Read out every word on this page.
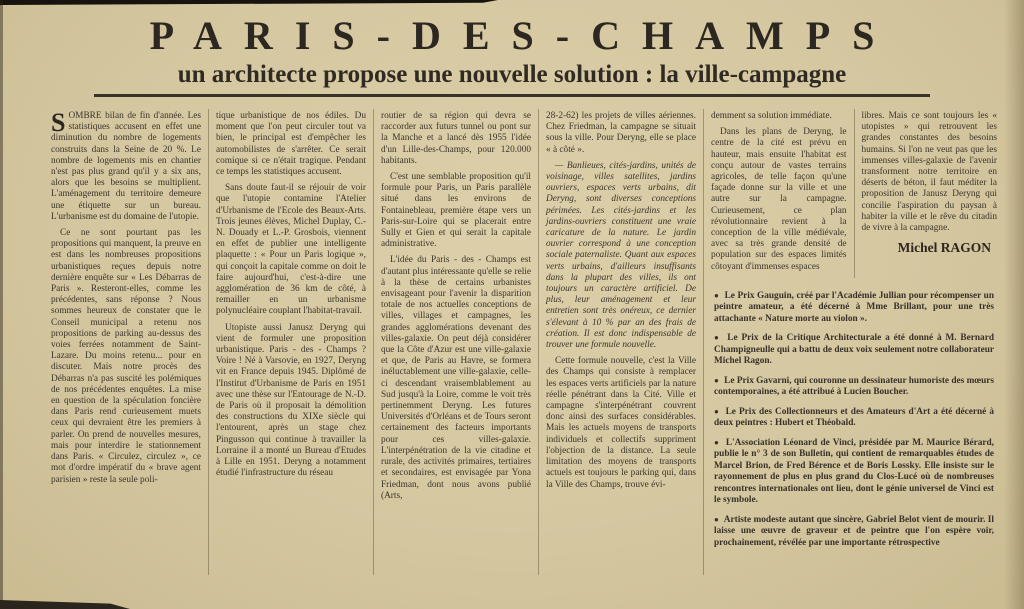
PARIS-DES-CHAMPS
un architecte propose une nouvelle solution : la ville-campagne

SOMBRE bilan de fin d'année. Les statistiques accusent en effet une diminution du nombre de logements construits dans la Seine de 20 %. Le nombre de logements mis en chantier n'est pas plus grand qu'il y a six ans, alors que les besoins se multiplient. L'aménagement du territoire demeure une étiquette sur un bureau. L'urbanisme est du domaine de l'utopie.

Ce ne sont pourtant pas les propositions qui manquent, la preuve en est dans les nombreuses propositions urbanistiques reçues depuis notre dernière enquête sur « Les Débarras de Paris ». Resteront-elles, comme les précédentes, sans réponse ? Nous sommes heureux de constater que le Conseil municipal a retenu nos propositions de parking au-dessus des voies ferrées notamment de Saint-Lazare. Du moins retenu... pour en discuter. Mais notre procès des Débarras n'a pas suscité les polémiques de nos précédentes enquêtes. La mise en question de la spéculation foncière dans Paris rend curieusement muets ceux qui devraient être les premiers à parler. On prend de nouvelles mesures, mais pour interdire le stationnement dans Paris. « Circulez, circulez », ce mot d'ordre impératif du « brave agent parisien » reste la seule poli-

tique urbanistique de nos édiles. Du moment que l'on peut circuler tout va bien, le principal est d'empêcher les automobilistes de s'arrêter. Ce serait comique si ce n'était tragique. Pendant ce temps les statistiques accusent.

Sans doute faut-il se réjouir de voir que l'utopie contamine l'Atelier d'Urbanisme de l'Ecole des Beaux-Arts. Trois jeunes élèves, Michel Duplay, C.-N. Douady et L.-P. Grosbois, viennent en effet de publier une intelligente plaquette : « Pour un Paris logique », qui conçoit la capitale comme on doit le faire aujourd'hui, c'est-à-dire une agglomération de 36 km de côté, à remailler en un urbanisme polynucléaire couplant l'habitat-travail.

Utopiste aussi Janusz Deryng qui vient de formuler une proposition urbanistique. Paris - des - Champs ? Voire ! Né à Varsovie, en 1927, Deryng vit en France depuis 1945. Diplômé de l'Institut d'Urbanisme de Paris en 1951 avec une thèse sur l'Entourage de N.-D. de Paris où il proposait la démolition des constructions du XIXe siècle qui l'entourent, après un stage chez Pingusson qui continue à travailler la Lorraine il a monté un Bureau d'Etudes à Lille en 1951. Deryng a notamment étudié l'infrastructure du réseau

routier de sa région qui devra se raccorder aux futurs tunnel ou pont sur la Manche et a lancé dès 1955 l'idée d'un Lille-des-Champs, pour 120.000 habitants.

C'est une semblable proposition qu'il formule pour Paris, un Paris parallèle situé dans les environs de Fontainebleau, première étape vers un Paris-sur-Loire qui se placerait entre Sully et Gien et qui serait la capitale administrative.

L'idée du Paris - des - Champs est d'autant plus intéressante qu'elle se relie à la thèse de certains urbanistes envisageant pour l'avenir la disparition totale de nos actuelles conceptions de villes, villages et campagnes, les grandes agglomérations devenant des villes-galaxie. On peut déjà considérer que la Côte d'Azur est une ville-galaxie et que, de Paris au Havre, se formera inéluctablement une ville-galaxie, celle-ci descendant vraisemblablement au Sud jusqu'à la Loire, comme le voit très pertinemment Deryng. Les futures Universités d'Orléans et de Tours seront certainement des facteurs importants pour ces villes-galaxie. L'interpénétration de la vie citadine et rurale, des activités primaires, tertiaires et secondaires, est envisagée par Yona Friedman, dont nous avons publié (Arts,

28-2-62) les projets de villes aériennes. Chez Friedman, la campagne se situait sous la ville. Pour Deryng, elle se place « à côté ».

— Banlieues, cités-jardins, unités de voisinage, villes satellites, jardins ouvriers, espaces verts urbains, dit Deryng, sont diverses conceptions périmées. Les cités-jardins et les jardins-ouvriers constituent une vraie caricature de la nature. Le jardin ouvrier correspond à une conception sociale paternaliste. Quant aux espaces verts urbains, d'ailleurs insuffisants dans la plupart des villes, ils ont toujours un caractère artificiel. De plus, leur aménagement et leur entretien sont très onéreux, ce dernier s'élevant à 10 % par an des frais de création. Il est donc indispensable de trouver une formule nouvelle.

Cette formule nouvelle, c'est la Ville des Champs qui consiste à remplacer les espaces verts artificiels par la nature réelle pénétrant dans la Cité. Ville et campagne s'interpénétrant couvrent donc ainsi des surfaces considérables. Mais les actuels moyens de transports individuels et collectifs suppriment l'objection de la distance. La seule limitation des moyens de transports actuels est toujours le parking qui, dans la Ville des Champs, trouve évi-

demment sa solution immédiate.

Dans les plans de Deryng, le centre de la cité est prévu en hauteur, mais ensuite l'habitat est conçu autour de vastes terrains agricoles, de telle façon qu'une façade donne sur la ville et une autre sur la campagne. Curieusement, ce plan révolutionnaire revient à la conception de la ville médiévale, avec sa très grande densité de population sur des espaces limités côtoyant d'immenses espaces

libres. Mais ce sont toujours les « utopistes » qui retrouvent les grandes constantes des besoins humains. Si l'on ne veut pas que les immenses villes-galaxie de l'avenir transforment notre territoire en déserts de béton, il faut méditer la proposition de Janusz Deryng qui concilie l'aspiration du paysan à habiter la ville et le rêve du citadin de vivre à la campagne.

Michel RAGON
● Le Prix Gauguin, créé par l'Académie Jullian pour récompenser un peintre amateur, a été décerné à Mme Brillant, pour une très attachante « Nature morte au violon ».
● Le Prix de la Critique Architecturale a été donné à M. Bernard Champigneulle qui a battu de deux voix seulement notre collaborateur Michel Ragon.
● Le Prix Gavarni, qui couronne un dessinateur humoriste des mœurs contemporaines, a été attribué à Lucien Boucher.
● Le Prix des Collectionneurs et des Amateurs d'Art a été décerné à deux peintres : Hubert et Théobald.
● L'Association Léonard de Vinci, présidée par M. Maurice Bérard, publie le n° 3 de son Bulletin, qui contient de remarquables études de Marcel Brion, de Fred Bérence et de Boris Lossky. Elle insiste sur le rayonnement de plus en plus grand du Clos-Lucé où de nombreuses rencontres internationales ont lieu, dont le génie universel de Vinci est le symbole.
● Artiste modeste autant que sincère, Gabriel Belot vient de mourir. Il laisse une œuvre de graveur et de peintre que l'on espère voir, prochainement, révélée par une importante rétrospective
